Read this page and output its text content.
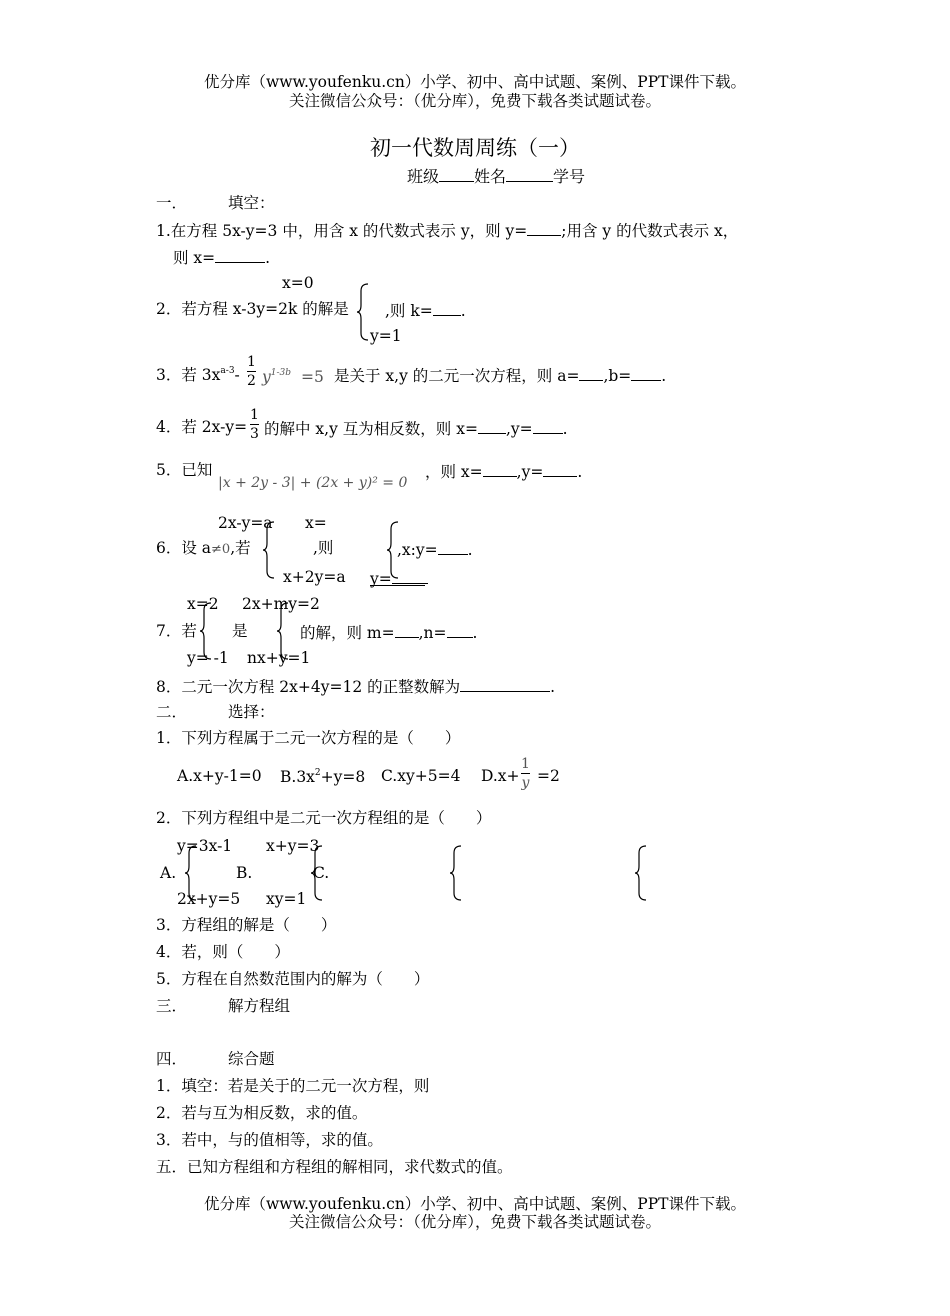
优分库（www.youfenku.cn）小学、初中、高中试题、案例、PPT课件下载。
关注微信公众号：（优分库），免费下载各类试题试卷。
初一代数周周练（一）
班级 姓名	学号
一．	填空：
1.在方程 5x-y=3 中，用含 x 的代数式表示 y，则 y= ;用含 y 的代数式表示 x，
则 x=	.
x=0
2．若方程 x-3y=2k 的解是 ,则 k= .
y=1
3．若 $3x^{a-3}- \frac{1}{2} y^{1-3b} =5$ 是关于 x,y 的二元一次方程，则 a= ,b= .
4．若 $2x-y= \frac{1}{3}$ 的解中 x,y 互为相反数，则 x= ,y= .
5．已知
|x + 2y - 3| + (2x + y)² = 0
，则 x= ,y= .
2x-y=a x=
6．设 a≠0,若	,则	,x:y= .
x+2y=a y=
x=2 2x+my=2
7．若 是	的解，则 m= ,n= .
y= -1 nx+y=1
8．二元一次方程 2x+4y=12 的正整数解为	.
二．	选择：
1．下列方程属于二元一次方程的是（　　）
A.x+y-1=0 $B.3x^2+y=8$ C.xy+5=4 $D.x+ \frac{1}{y} =2$
2．下列方程组中是二元一次方程组的是（　　）
y=3x-1 x+y=3
A.	B.	C.
2x+y=5 xy=1
3．方程组的解是（　　）
4．若，则（　　）
5．方程在自然数范围内的解为（　　）
三．	解方程组
四．	综合题
1．填空：若是关于的二元一次方程，则
2．若与互为相反数，求的值。
3．若中，与的值相等，求的值。
五．已知方程组和方程组的解相同，求代数式的值。
优分库（www.youfenku.cn）小学、初中、高中试题、案例、PPT课件下载。
关注微信公众号：（优分库），免费下载各类试题试卷。
